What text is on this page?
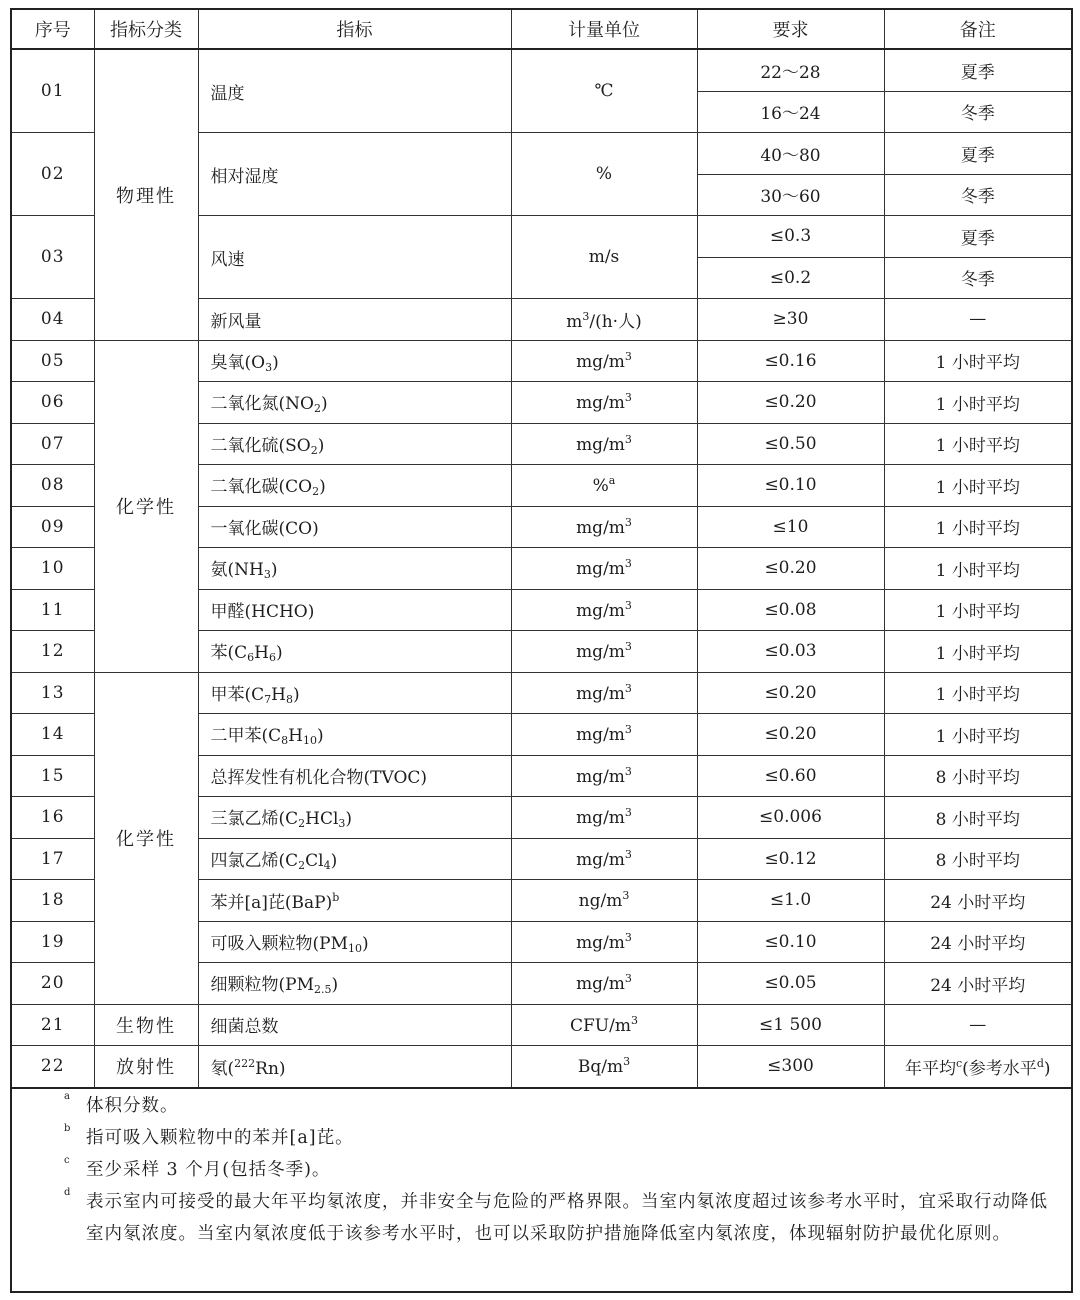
序号	指标分类	指标	计量单位	要求	备注
01	物理性	温度	℃	22～28	夏季
				16～24	冬季
02		相对湿度	%	40～80	夏季
				30～60	冬季
03		风速	m/s	≤0.3	夏季
				≤0.2	冬季
04		新风量	$m^3/(h\cdot$人)	≥30	—
05	化学性	臭氧$(O_3)$	$mg/m^3$	≤0.16	1 小时平均
06		二氧化氮$(NO_2)$	$mg/m^3$	≤0.20	1 小时平均
07		二氧化硫$(SO_2)$	$mg/m^3$	≤0.50	1 小时平均
08		二氧化碳$(CO_2)$	%$^a$	≤0.10	1 小时平均
09		一氧化碳(CO)	$mg/m^3$	≤10	1 小时平均
10		氨$(NH_3)$	$mg/m^3$	≤0.20	1 小时平均
11		甲醛(HCHO)	$mg/m^3$	≤0.08	1 小时平均
12		苯$(C_6H_6)$	$mg/m^3$	≤0.03	1 小时平均
13	化学性	甲苯$(C_7H_8)$	$mg/m^3$	≤0.20	1 小时平均
14		二甲苯$(C_8H_{10})$	$mg/m^3$	≤0.20	1 小时平均
15		总挥发性有机化合物(TVOC)	$mg/m^3$	≤0.60	8 小时平均
16		三氯乙烯$(C_2HCl_3)$	$mg/m^3$	≤0.006	8 小时平均
17		四氯乙烯$(C_2Cl_4)$	$mg/m^3$	≤0.12	8 小时平均
18		苯并[a]芘(BaP)$^b$	$ng/m^3$	≤1.0	24 小时平均
19		可吸入颗粒物$(PM_{10})$	$mg/m^3$	≤0.10	24 小时平均
20		细颗粒物$(PM_{2.5})$	$mg/m^3$	≤0.05	24 小时平均
21	生物性	细菌总数	CFU/$m^3$	≤1 500	—
22	放射性	氡($^{222}$Rn)	$Bq/m^3$	≤300	年平均$^c$(参考水平$^d$)
a 体积分数。
b 指可吸入颗粒物中的苯并[a]芘。
c 至少采样 3 个月(包括冬季)。
d 表示室内可接受的最大年平均氡浓度，并非安全与危险的严格界限。当室内氡浓度超过该参考水平时，宜采取行动降低室内氡浓度。当室内氡浓度低于该参考水平时，也可以采取防护措施降低室内氡浓度，体现辐射防护最优化原则。
